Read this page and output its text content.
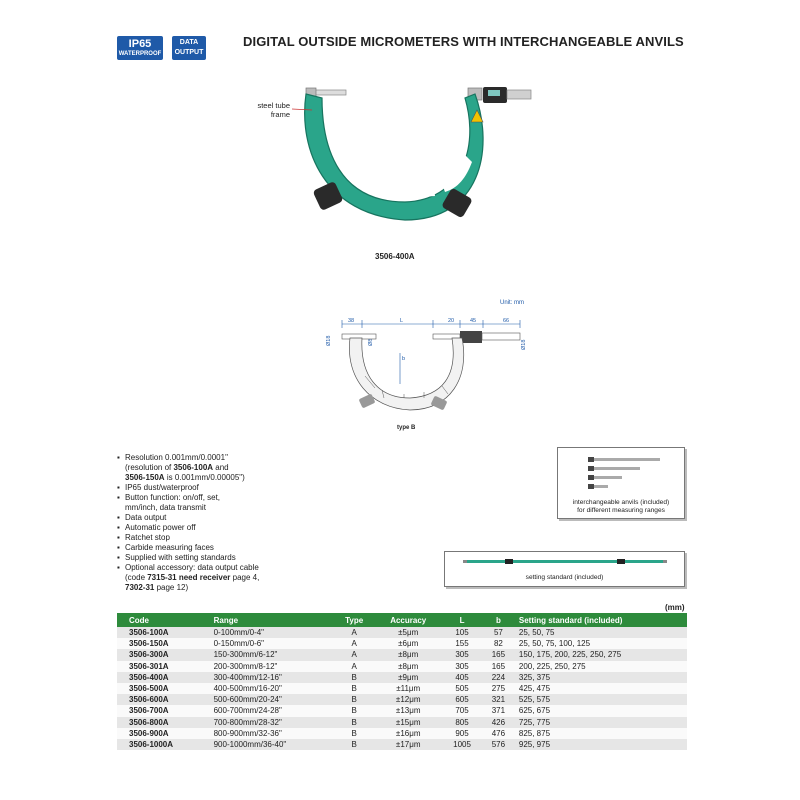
IP65
WATERPROOF
DATA
OUTPUT
DIGITAL OUTSIDE MICROMETERS WITH INTERCHANGEABLE ANVILS
steel tube
frame
3506-400A
Unit: mm
38	L	20	45	66
b
Ø18	Ø8	Ø18
type B
▪ Resolution 0.001mm/0.0001"
(resolution of 3506-100A and
3506-150A is 0.001mm/0.00005")
▪ IP65 dust/waterproof
▪ Button function: on/off, set,
mm/inch, data transmit
▪ Data output
▪ Automatic power off
▪ Ratchet stop
▪ Carbide measuring faces
▪ Supplied with setting standards
▪ Optional accessory: data output cable
(code 7315-31 need receiver page 4,
7302-31 page 12)
interchangeable anvils (included)
for different measuring ranges
setting standard (included)
(mm)
Code	Range	Type	Accuracy	L	b	Setting standard (included)
3506-100A	0-100mm/0-4"	A	±5μm	105	57	25, 50, 75
3506-150A	0-150mm/0-6"	A	±6μm	155	82	25, 50, 75, 100, 125
3506-300A	150-300mm/6-12"	A	±8μm	305	165	150, 175, 200, 225, 250, 275
3506-301A	200-300mm/8-12"	A	±8μm	305	165	200, 225, 250, 275
3506-400A	300-400mm/12-16"	B	±9μm	405	224	325, 375
3506-500A	400-500mm/16-20"	B	±11μm	505	275	425, 475
3506-600A	500-600mm/20-24"	B	±12μm	605	321	525, 575
3506-700A	600-700mm/24-28"	B	±13μm	705	371	625, 675
3506-800A	700-800mm/28-32"	B	±15μm	805	426	725, 775
3506-900A	800-900mm/32-36"	B	±16μm	905	476	825, 875
3506-1000A	900-1000mm/36-40"	B	±17μm	1005	576	925, 975
